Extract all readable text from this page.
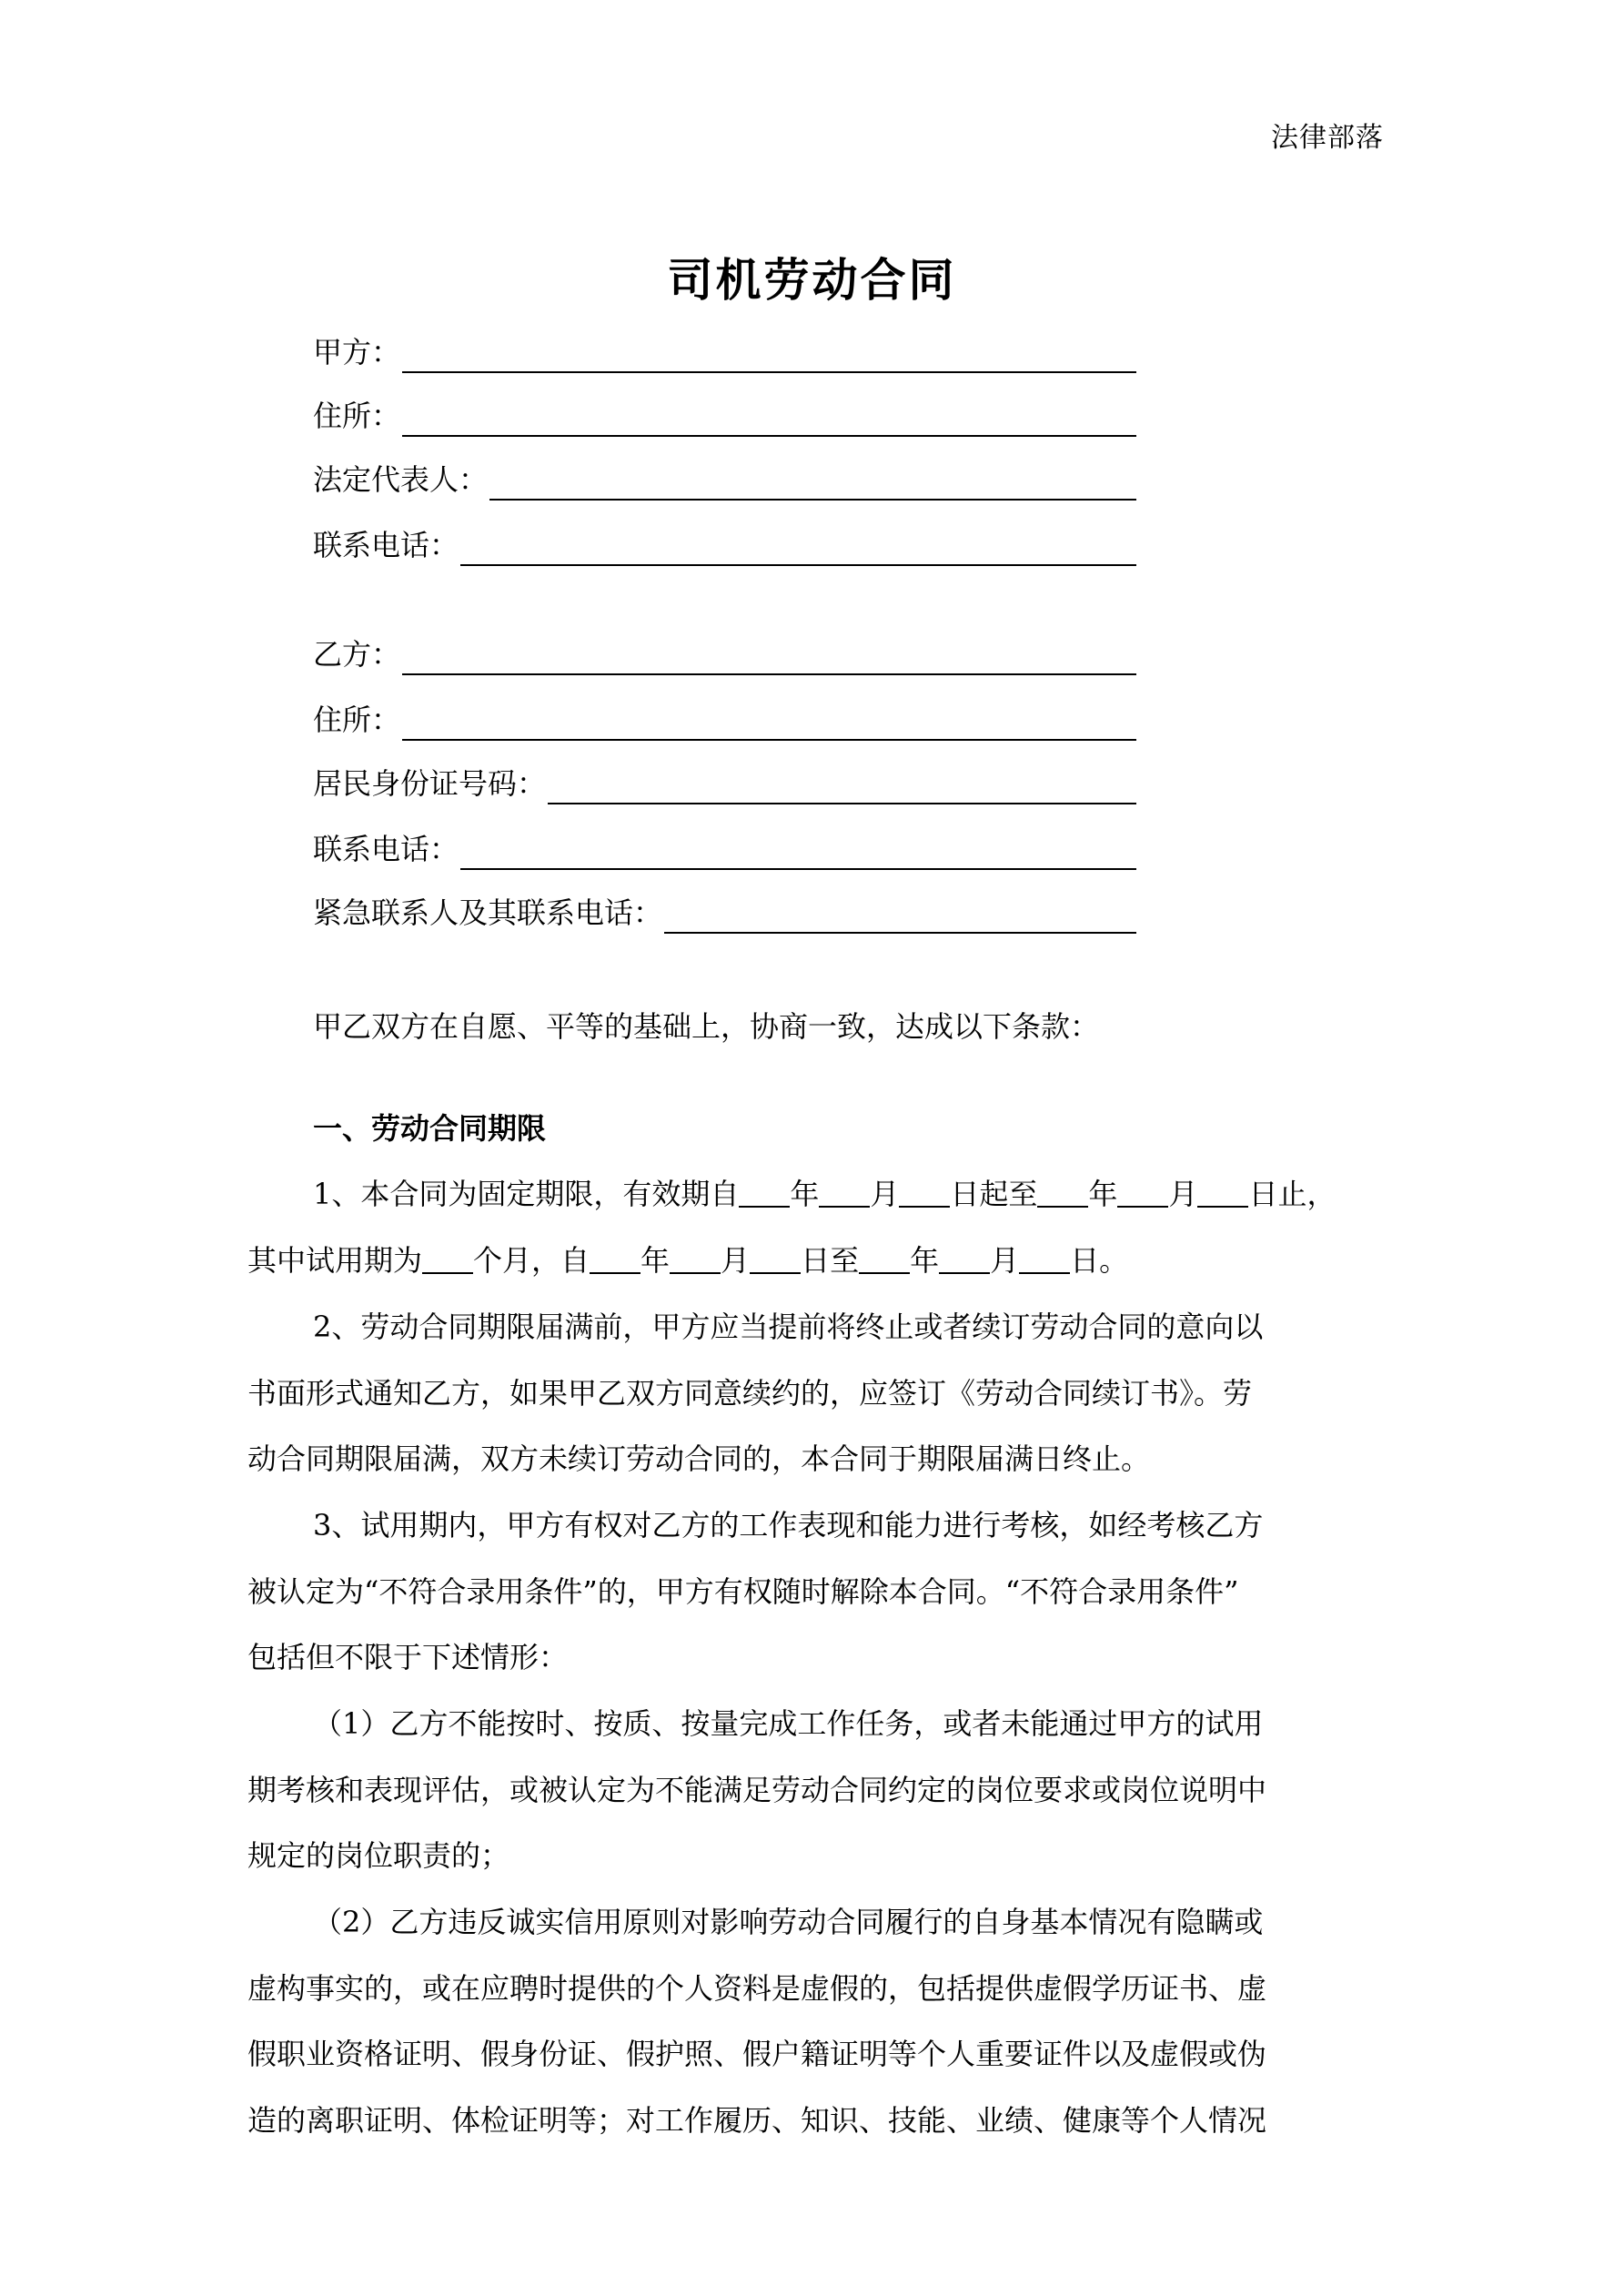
法律部落
司机劳动合同
甲方：
住所：
法定代表人：
联系电话：
乙方：
住所：
居民身份证号码：
联系电话：
紧急联系人及其联系电话：
甲乙双方在自愿、平等的基础上，协商一致，达成以下条款：
一、劳动合同期限
1、本合同为固定期限，有效期自 年 月 日起至 年 月 日止，
其中试用期为 个月，自 年 月 日至 年 月 日。
2、劳动合同期限届满前，甲方应当提前将终止或者续订劳动合同的意向以
书面形式通知乙方，如果甲乙双方同意续约的，应签订《劳动合同续订书》。劳
动合同期限届满，双方未续订劳动合同的，本合同于期限届满日终止。
3、试用期内，甲方有权对乙方的工作表现和能力进行考核，如经考核乙方
被认定为“不符合录用条件”的，甲方有权随时解除本合同。“不符合录用条件”
包括但不限于下述情形：
（1）乙方不能按时、按质、按量完成工作任务，或者未能通过甲方的试用
期考核和表现评估，或被认定为不能满足劳动合同约定的岗位要求或岗位说明中
规定的岗位职责的；
（2）乙方违反诚实信用原则对影响劳动合同履行的自身基本情况有隐瞒或
虚构事实的，或在应聘时提供的个人资料是虚假的，包括提供虚假学历证书、虚
假职业资格证明、假身份证、假护照、假户籍证明等个人重要证件以及虚假或伪
造的离职证明、体检证明等；对工作履历、知识、技能、业绩、健康等个人情况
